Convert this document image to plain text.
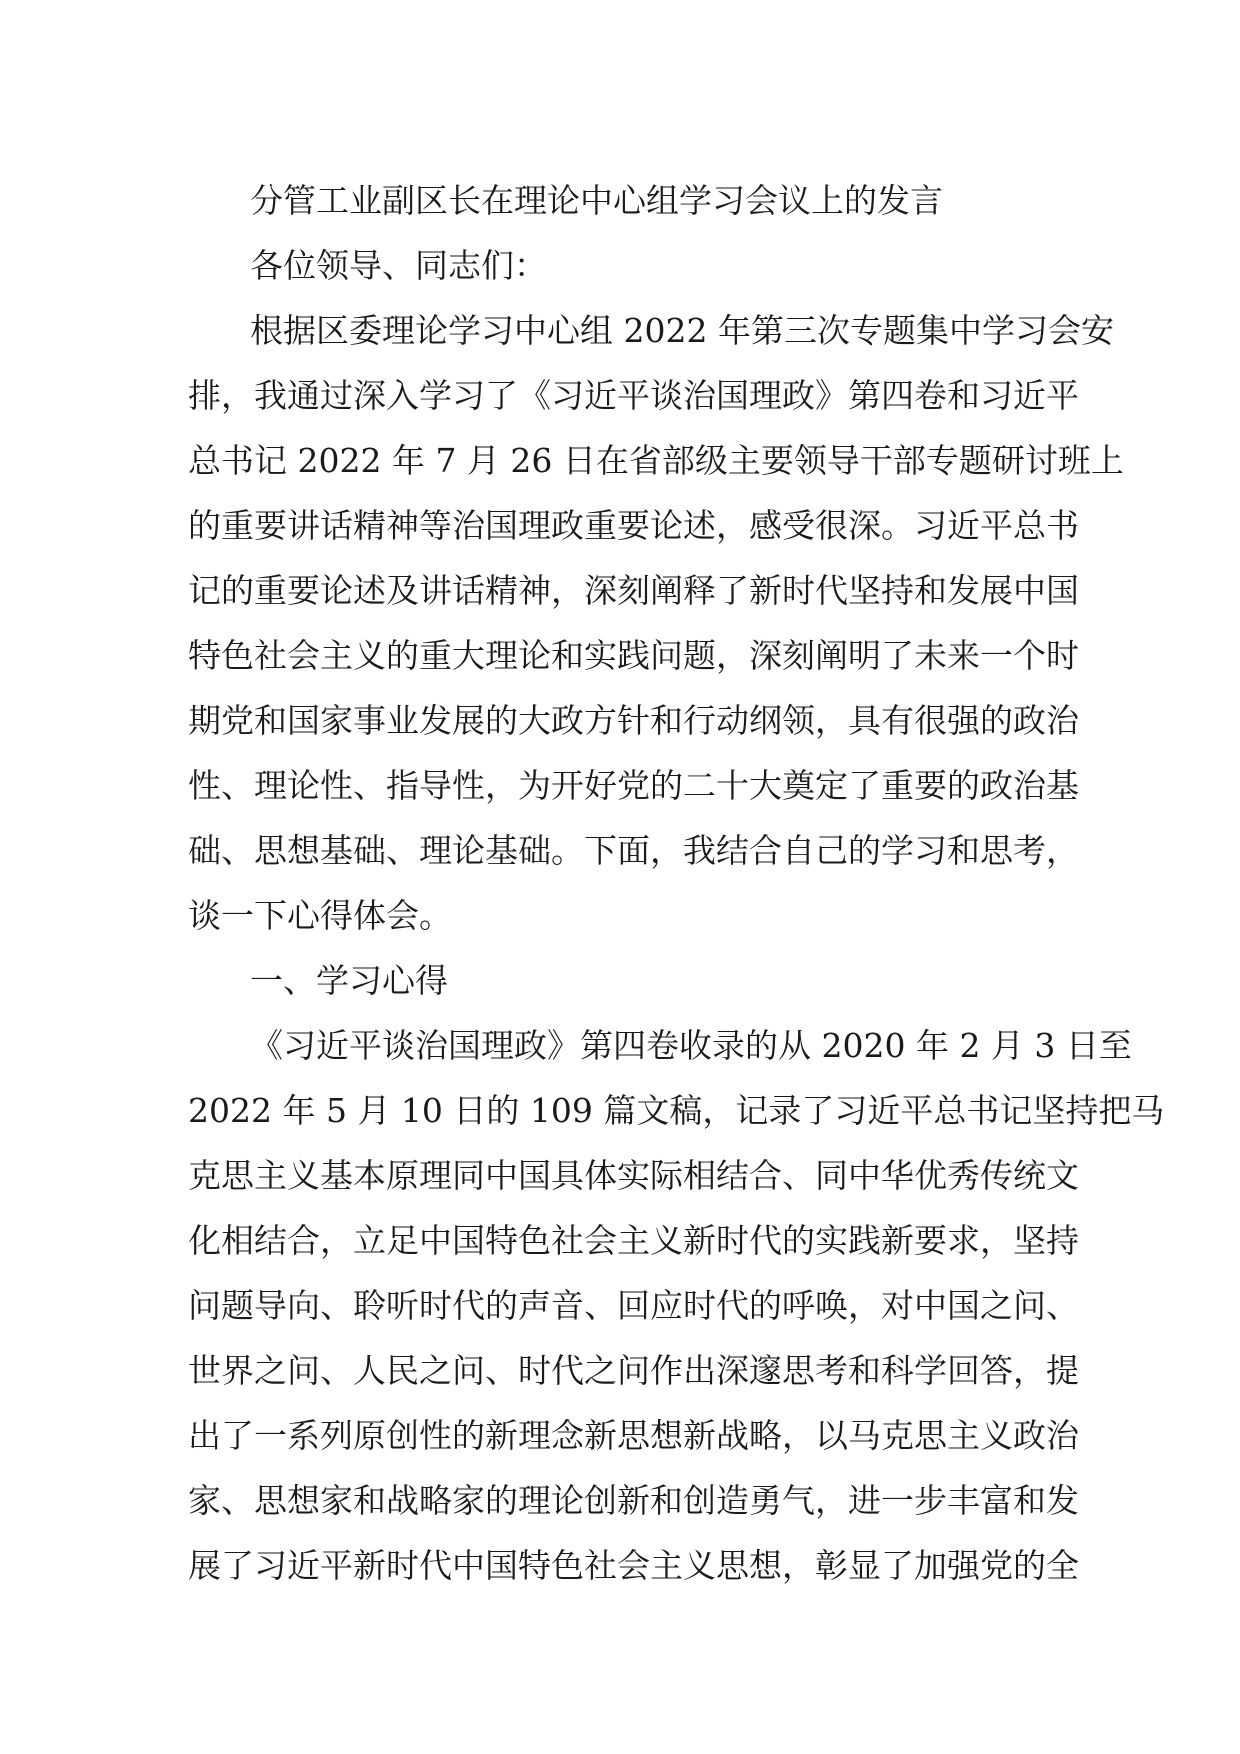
分管工业副区长在理论中心组学习会议上的发言
各位领导、同志们：
根据区委理论学习中心组 2022 年第三次专题集中学习会安
排，我通过深入学习了《习近平谈治国理政》第四卷和习近平
总书记 2022 年 7 月 26 日在省部级主要领导干部专题研讨班上
的重要讲话精神等治国理政重要论述，感受很深。习近平总书
记的重要论述及讲话精神，深刻阐释了新时代坚持和发展中国
特色社会主义的重大理论和实践问题，深刻阐明了未来一个时
期党和国家事业发展的大政方针和行动纲领，具有很强的政治
性、理论性、指导性，为开好党的二十大奠定了重要的政治基
础、思想基础、理论基础。下面，我结合自己的学习和思考，
谈一下心得体会。
一、学习心得
《习近平谈治国理政》第四卷收录的从 2020 年 2 月 3 日至
2022 年 5 月 10 日的 109 篇文稿，记录了习近平总书记坚持把马
克思主义基本原理同中国具体实际相结合、同中华优秀传统文
化相结合，立足中国特色社会主义新时代的实践新要求，坚持
问题导向、聆听时代的声音、回应时代的呼唤，对中国之问、
世界之问、人民之问、时代之问作出深邃思考和科学回答，提
出了一系列原创性的新理念新思想新战略，以马克思主义政治
家、思想家和战略家的理论创新和创造勇气，进一步丰富和发
展了习近平新时代中国特色社会主义思想，彰显了加强党的全
